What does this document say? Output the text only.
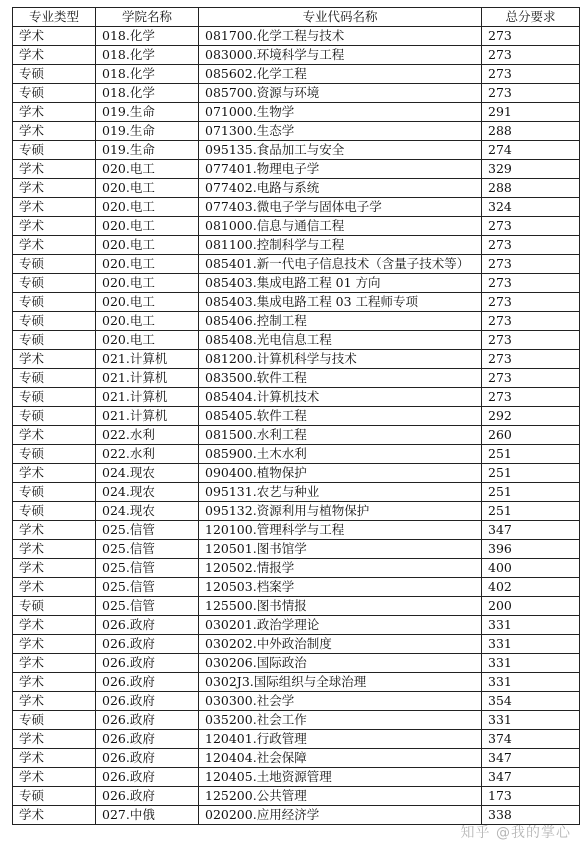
专业类型	学院名称	专业代码名称	总分要求
学术	018.化学	081700.化学工程与技术	273
学术	018.化学	083000.环境科学与工程	273
专硕	018.化学	085602.化学工程	273
专硕	018.化学	085700.资源与环境	273
学术	019.生命	071000.生物学	291
学术	019.生命	071300.生态学	288
专硕	019.生命	095135.食品加工与安全	274
学术	020.电工	077401.物理电子学	329
学术	020.电工	077402.电路与系统	288
学术	020.电工	077403.微电子学与固体电子学	324
学术	020.电工	081000.信息与通信工程	273
学术	020.电工	081100.控制科学与工程	273
专硕	020.电工	085401.新一代电子信息技术（含量子技术等）	273
专硕	020.电工	085403.集成电路工程 01 方向	273
专硕	020.电工	085403.集成电路工程 03 工程师专项	273
专硕	020.电工	085406.控制工程	273
专硕	020.电工	085408.光电信息工程	273
学术	021.计算机	081200.计算机科学与技术	273
专硕	021.计算机	083500.软件工程	273
专硕	021.计算机	085404.计算机技术	273
专硕	021.计算机	085405.软件工程	292
学术	022.水利	081500.水利工程	260
专硕	022.水利	085900.土木水利	251
学术	024.现农	090400.植物保护	251
专硕	024.现农	095131.农艺与种业	251
专硕	024.现农	095132.资源利用与植物保护	251
学术	025.信管	120100.管理科学与工程	347
学术	025.信管	120501.图书馆学	396
学术	025.信管	120502.情报学	400
学术	025.信管	120503.档案学	402
专硕	025.信管	125500.图书情报	200
学术	026.政府	030201.政治学理论	331
学术	026.政府	030202.中外政治制度	331
学术	026.政府	030206.国际政治	331
学术	026.政府	0302J3.国际组织与全球治理	331
学术	026.政府	030300.社会学	354
专硕	026.政府	035200.社会工作	331
学术	026.政府	120401.行政管理	374
学术	026.政府	120404.社会保障	347
学术	026.政府	120405.土地资源管理	347
专硕	026.政府	125200.公共管理	173
学术	027.中俄	020200.应用经济学	338
知乎 @我的掌心
